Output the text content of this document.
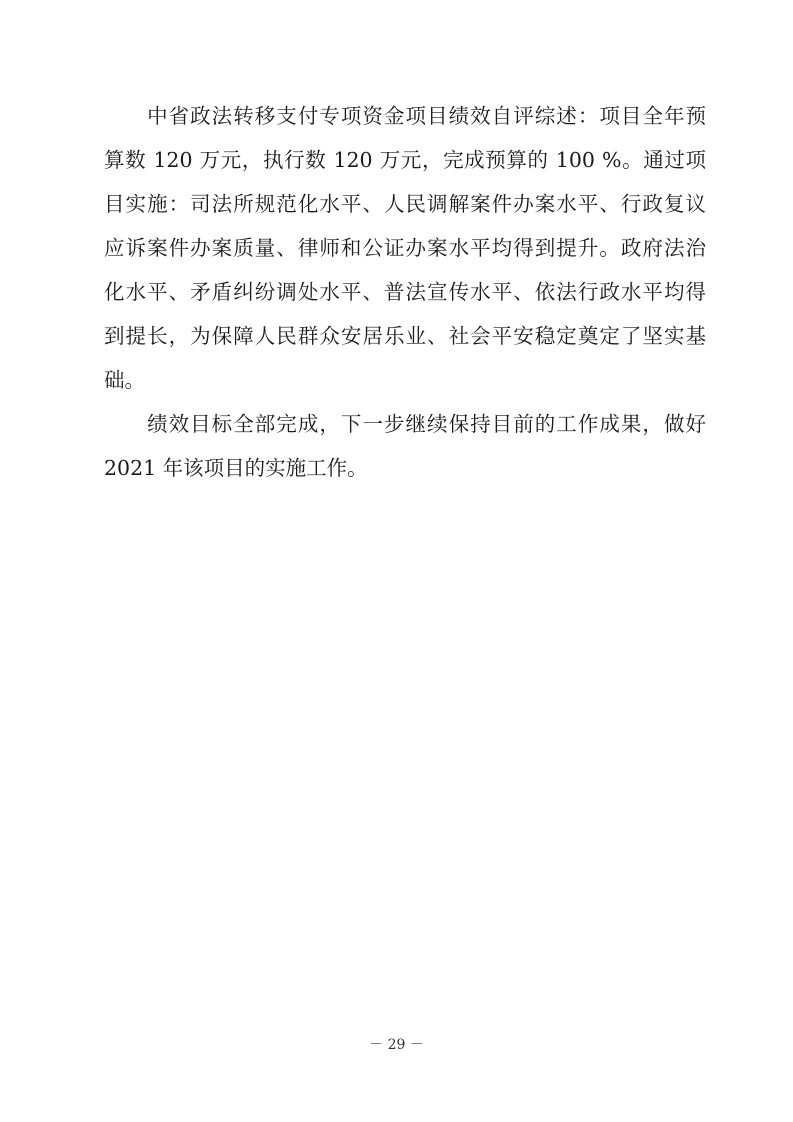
　　中省政法转移支付专项资金项目绩效自评综述：项目全年预
算数 120 万元，执行数 120 万元，完成预算的 100 %。通过项
目实施：司法所规范化水平、人民调解案件办案水平、行政复议
应诉案件办案质量、律师和公证办案水平均得到提升。政府法治
化水平、矛盾纠纷调处水平、普法宣传水平、依法行政水平均得
到提长，为保障人民群众安居乐业、社会平安稳定奠定了坚实基
础。
　　绩效目标全部完成，下一步继续保持目前的工作成果，做好
2021 年该项目的实施工作。
－ 29 －
